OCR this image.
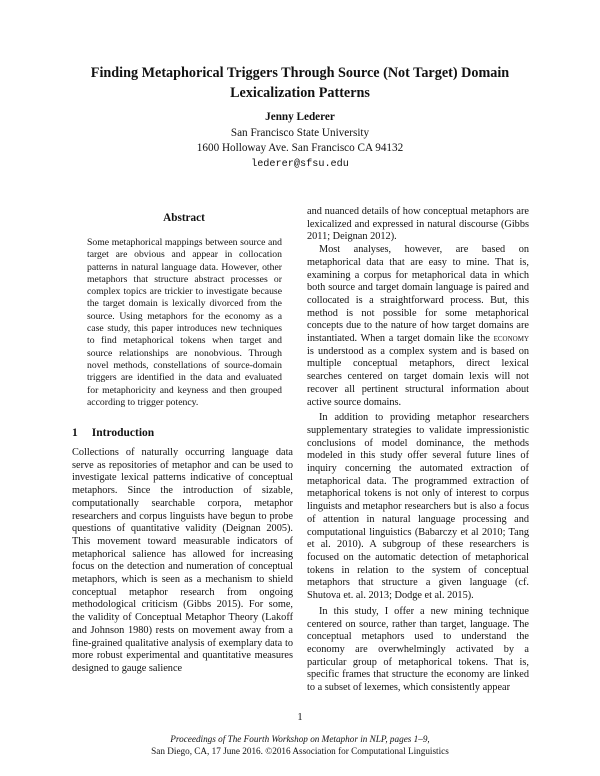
Finding Metaphorical Triggers Through Source (Not Target) Domain
Lexicalization Patterns
Jenny Lederer
San Francisco State University
1600 Holloway Ave. San Francisco CA 94132
lederer@sfsu.edu
Abstract
Some metaphorical mappings between source and target are obvious and appear in collocation patterns in natural language data. However, other metaphors that structure abstract processes or complex topics are trickier to investigate because the target domain is lexically divorced from the source. Using metaphors for the economy as a case study, this paper introduces new techniques to find metaphorical tokens when target and source relationships are nonobvious. Through novel methods, constellations of source-domain triggers are identified in the data and evaluated for metaphoricity and keyness and then grouped according to trigger potency.
1 Introduction

Collections of naturally occurring language data serve as repositories of metaphor and can be used to investigate lexical patterns indicative of conceptual metaphors. Since the introduction of sizable, computationally searchable corpora, metaphor researchers and corpus linguists have begun to probe questions of quantitative validity (Deignan 2005). This movement toward measurable indicators of metaphorical salience has allowed for increasing focus on the detection and numeration of conceptual metaphors, which is seen as a mechanism to shield conceptual metaphor research from ongoing methodological criticism (Gibbs 2015). For some, the validity of Conceptual Metaphor Theory (Lakoff and Johnson 1980) rests on movement away from a fine-grained qualitative analysis of exemplary data to more robust experimental and quantitative measures designed to gauge salience

and nuanced details of how conceptual metaphors are lexicalized and expressed in natural discourse (Gibbs 2011; Deignan 2012).

Most analyses, however, are based on metaphorical data that are easy to mine. That is, examining a corpus for metaphorical data in which both source and target domain language is paired and collocated is a straightforward process. But, this method is not possible for some metaphorical concepts due to the nature of how target domains are instantiated. When a target domain like the economy is understood as a complex system and is based on multiple conceptual metaphors, direct lexical searches centered on target domain lexis will not recover all pertinent structural information about active source domains.

In addition to providing metaphor researchers supplementary strategies to validate impressionistic conclusions of model dominance, the methods modeled in this study offer several future lines of inquiry concerning the automated extraction of metaphorical data. The programmed extraction of metaphorical tokens is not only of interest to corpus linguists and metaphor researchers but is also a focus of attention in natural language processing and computational linguistics (Babarczy et al 2010; Tang et al. 2010). A subgroup of these researchers is focused on the automatic detection of metaphorical tokens in relation to the system of conceptual metaphors that structure a given language (cf. Shutova et. al. 2013; Dodge et al. 2015).

In this study, I offer a new mining technique centered on source, rather than target, language. The conceptual metaphors used to understand the economy are overwhelmingly activated by a particular group of metaphorical tokens. That is, specific frames that structure the economy are linked to a subset of lexemes, which consistently appear

1
Proceedings of The Fourth Workshop on Metaphor in NLP, pages 1–9,
San Diego, CA, 17 June 2016. ©2016 Association for Computational Linguistics
